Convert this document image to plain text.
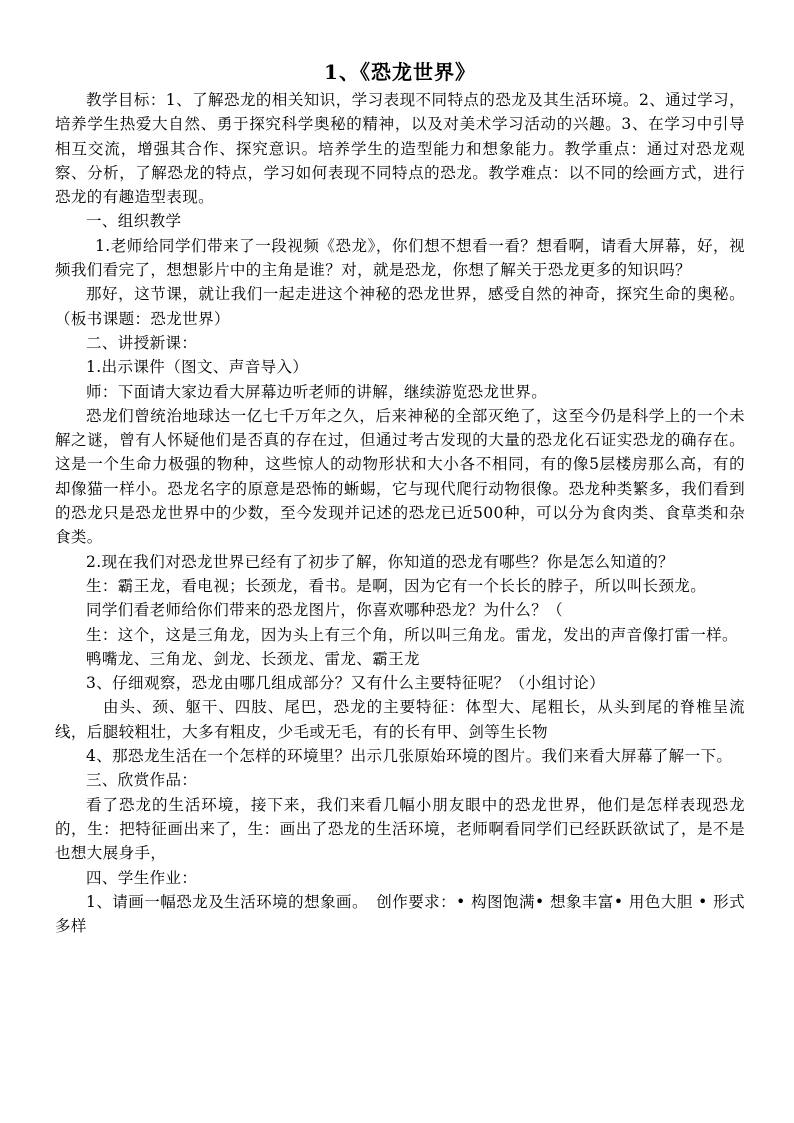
1、《恐龙世界》

教学目标：1、了解恐龙的相关知识，学习表现不同特点的恐龙及其生活环境。2、通过学习，培养学生热爱大自然、勇于探究科学奥秘的精神，以及对美术学习活动的兴趣。3、在学习中引导相互交流，增强其合作、探究意识。培养学生的造型能力和想象能力。教学重点：通过对恐龙观察、分析，了解恐龙的特点，学习如何表现不同特点的恐龙。教学难点：以不同的绘画方式，进行恐龙的有趣造型表现。

一、组织教学

1.老师给同学们带来了一段视频《恐龙》，你们想不想看一看？想看啊，请看大屏幕，好，视频我们看完了，想想影片中的主角是谁？对，就是恐龙，你想了解关于恐龙更多的知识吗？

那好，这节课，就让我们一起走进这个神秘的恐龙世界，感受自然的神奇，探究生命的奥秘。（板书课题：恐龙世界）

二、讲授新课：

1.出示课件（图文、声音导入）

师：下面请大家边看大屏幕边听老师的讲解，继续游览恐龙世界。

恐龙们曾统治地球达一亿七千万年之久，后来神秘的全部灭绝了，这至今仍是科学上的一个未解之谜，曾有人怀疑他们是否真的存在过，但通过考古发现的大量的恐龙化石证实恐龙的确存在。这是一个生命力极强的物种，这些惊人的动物形状和大小各不相同，有的像5层楼房那么高，有的却像猫一样小。恐龙名字的原意是恐怖的蜥蜴，它与现代爬行动物很像。恐龙种类繁多，我们看到的恐龙只是恐龙世界中的少数，至今发现并记述的恐龙已近500种，可以分为食肉类、食草类和杂食类。

2.现在我们对恐龙世界已经有了初步了解，你知道的恐龙有哪些？你是怎么知道的？

生：霸王龙，看电视；长颈龙，看书。是啊，因为它有一个长长的脖子，所以叫长颈龙。

同学们看老师给你们带来的恐龙图片，你喜欢哪种恐龙？为什么？（

生：这个，这是三角龙，因为头上有三个角，所以叫三角龙。雷龙，发出的声音像打雷一样。

鸭嘴龙、三角龙、剑龙、长颈龙、雷龙、霸王龙

3、仔细观察，恐龙由哪几组成部分？又有什么主要特征呢？（小组讨论）

由头、颈、躯干、四肢、尾巴，恐龙的主要特征：体型大、尾粗长，从头到尾的脊椎呈流线，后腿较粗壮，大多有粗皮，少毛或无毛，有的长有甲、剑等生长物

4、那恐龙生活在一个怎样的环境里？出示几张原始环境的图片。我们来看大屏幕了解一下。

三、欣赏作品：

看了恐龙的生活环境，接下来，我们来看几幅小朋友眼中的恐龙世界，他们是怎样表现恐龙的，生：把特征画出来了，生：画出了恐龙的生活环境，老师啊看同学们已经跃跃欲试了，是不是也想大展身手，

四、学生作业：

1、请画一幅恐龙及生活环境的想象画。　创作要求：• 构图饱满• 想象丰富• 用色大胆 • 形式多样
